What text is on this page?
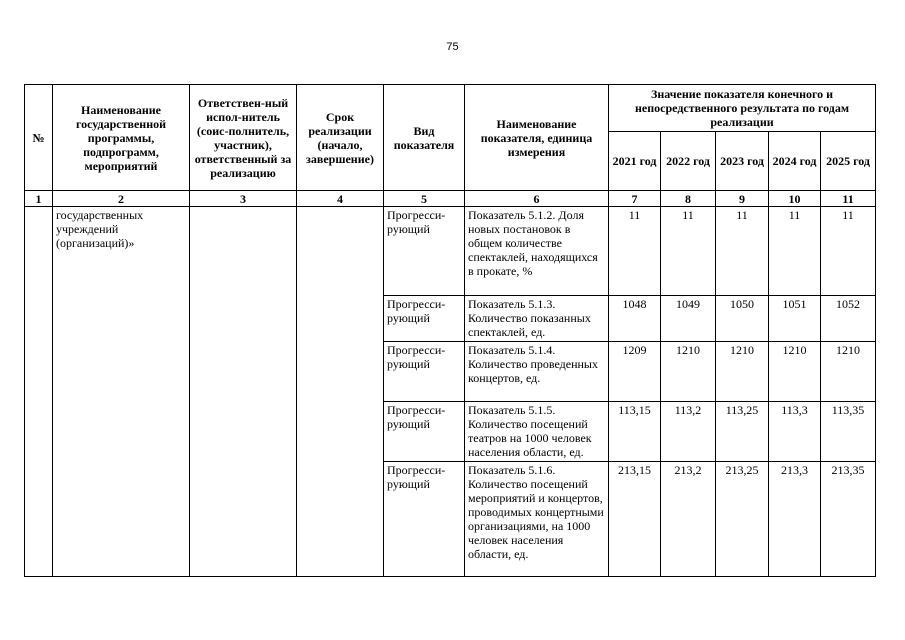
75
№	Наименование государственной программы, подпрограмм, мероприятий	Ответствен-ный испол-нитель (соис-полнитель, участник), ответственный за реализацию	Срок реализации (начало, завершение)	Вид показателя	Наименование показателя, единица измерения	Значение показателя конечного и непосредственного результата по годам реализации				
						2021 год	2022 год	2023 год	2024 год	2025 год
1	2	3	4	5	6	7	8	9	10	11
	государственных учреждений (организаций)»			Прогресси-рующий	Показатель 5.1.2. Доля новых постановок в общем количестве спектаклей, находящихся в прокате, %	11	11	11	11	11
				Прогресси-рующий	Показатель 5.1.3. Количество показанных спектаклей, ед.	1048	1049	1050	1051	1052
				Прогресси-рующий	Показатель 5.1.4. Количество проведенных концертов, ед.	1209	1210	1210	1210	1210
				Прогресси-рующий	Показатель 5.1.5. Количество посещений театров на 1000 человек населения области, ед.	113,15	113,2	113,25	113,3	113,35
				Прогресси-рующий	Показатель 5.1.6. Количество посещений мероприятий и концертов, проводимых концертными организациями, на 1000 человек населения области, ед.	213,15	213,2	213,25	213,3	213,35
